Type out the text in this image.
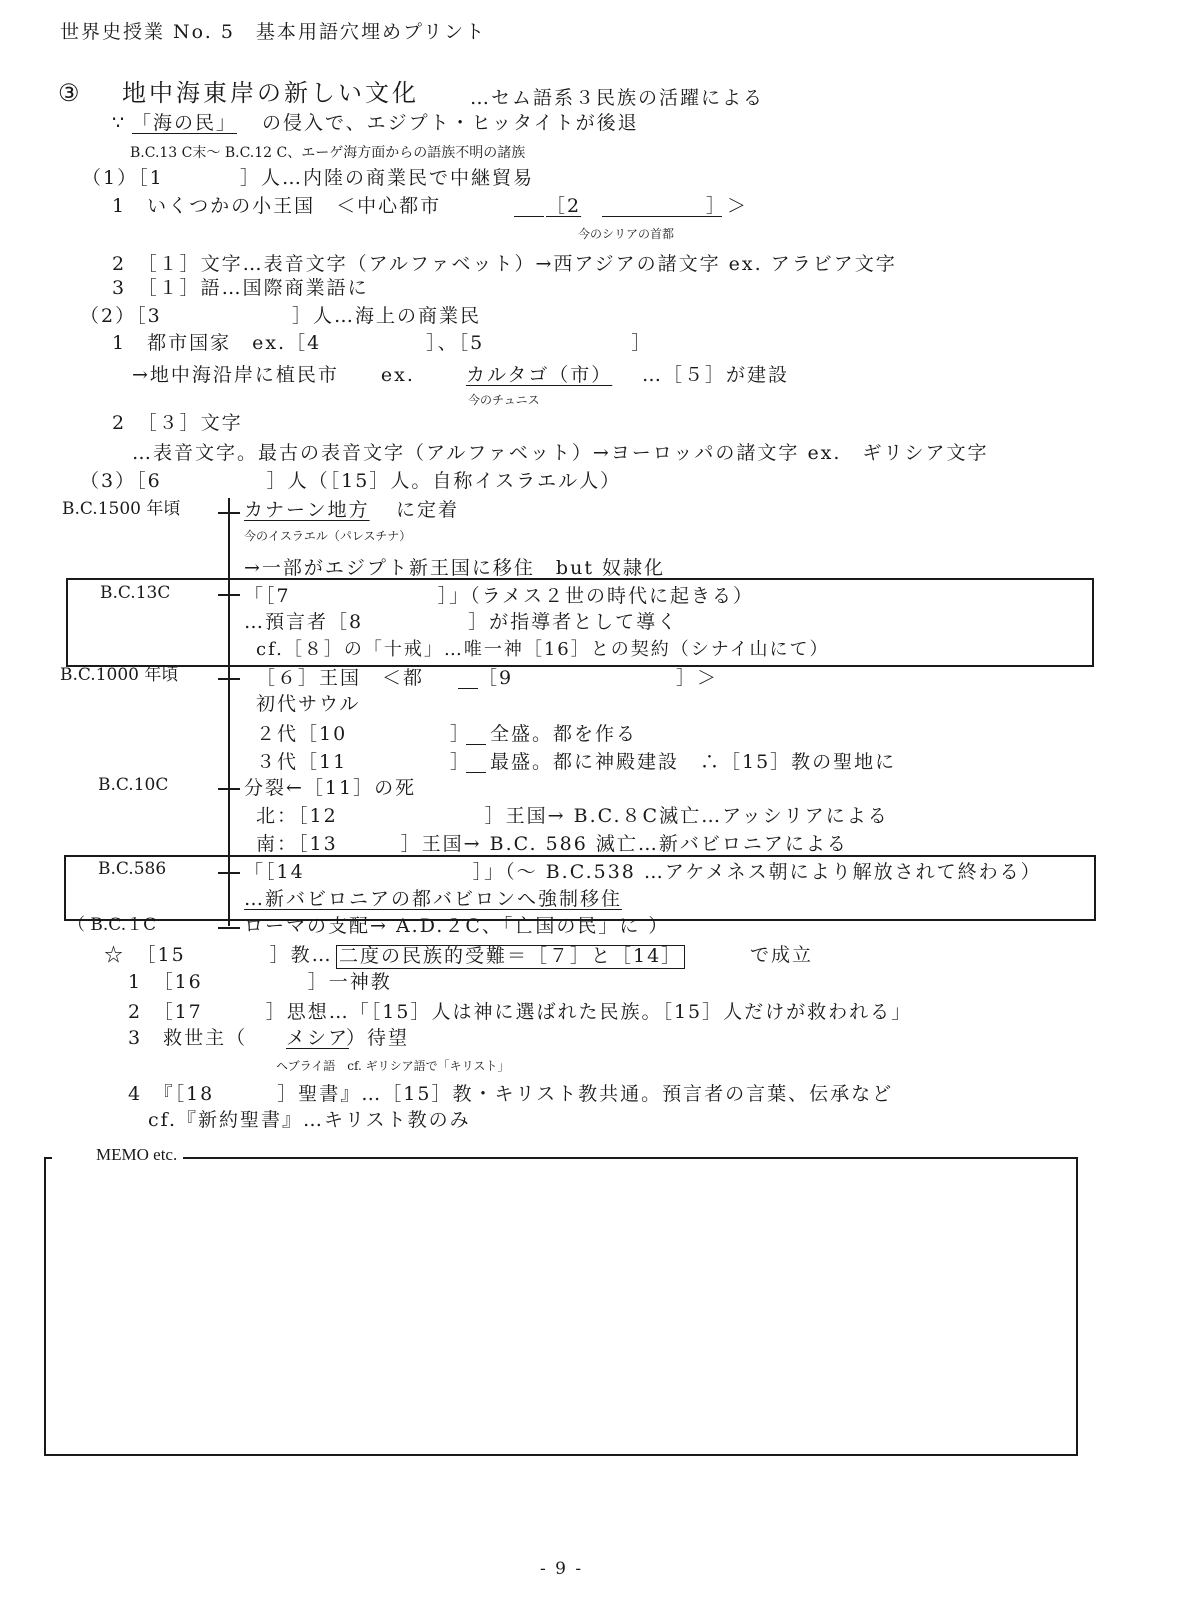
世界史授業 No. 5　基本用語穴埋めプリント
③ 地中海東岸の新しい文化	…セム語系３民族の活躍による
∵ 「海の民」 の侵入で、エジプト・ヒッタイトが後退
B.C.13 C末～ B.C.12 C、エーゲ海方面からの語族不明の諸族
（1）［1	］人…内陸の商業民で中継貿易
1　いくつかの小王国　＜中心都市	［2	］＞
今のシリアの首都
2　［１］文字…表音文字（アルファベット）→西アジアの諸文字 ex. アラビア文字
3　［１］語…国際商業語に
（2）［3	］人…海上の商業民
1　都市国家　ex.［4　　　　　］、［5　　　　　　　］
→地中海沿岸に植民市　　ex.	カルタゴ（市） …［５］が建設
今のチュニス
2　［３］文字
…表音文字。最古の表音文字（アルファベット）→ヨーロッパの諸文字 ex.　ギリシア文字
（3）［6　　　　　］人（［15］人。自称イスラエル人）
B.C.1500 年頃	カナーン地方 に定着
今のイスラエル（パレスチナ）
→一部がエジプト新王国に移住　but 奴隷化
B.C.13C	「［7　　　　　　　］」（ラメス２世の時代に起きる）
…預言者［8　　　　　］が指導者として導く
cf.［８］の「十戒」…唯一神［16］との契約（シナイ山にて）
B.C.1000 年頃	［６］王国　＜都	［9	］＞
初代サウル
２代［10	］ 全盛。都を作る
３代［11	］ 最盛。都に神殿建設　∴［15］教の聖地に
B.C.10C	分裂←［11］の死
北：［12　　　　　　　］王国→ B.C.８C滅亡…アッシリアによる
南：［13　　　］王国→ B.C. 586 滅亡…新バビロニアによる
B.C.586	「［14　　　　　　　　］」（～ B.C.538 …アケメネス朝により解放されて終わる）
…新バビロニアの都バビロンへ強制移住
（ B.C.１C	ローマの支配→ A.D.２C、「亡国の民」に ）
☆　［15　　　　］教… 二度の民族的受難＝［７］と［14］	で成立
1　［16　　　　　］一神教
2　［17　　　］思想…「［15］人は神に選ばれた民族。［15］人だけが救われる」
3　救世主（ メシア
）待望
ヘブライ語　cf. ギリシア語で「キリスト」
4　『［18　　　］聖書』…［15］教・キリスト教共通。預言者の言葉、伝承など
cf.『新約聖書』…キリスト教のみ
MEMO etc.
- 9 -
